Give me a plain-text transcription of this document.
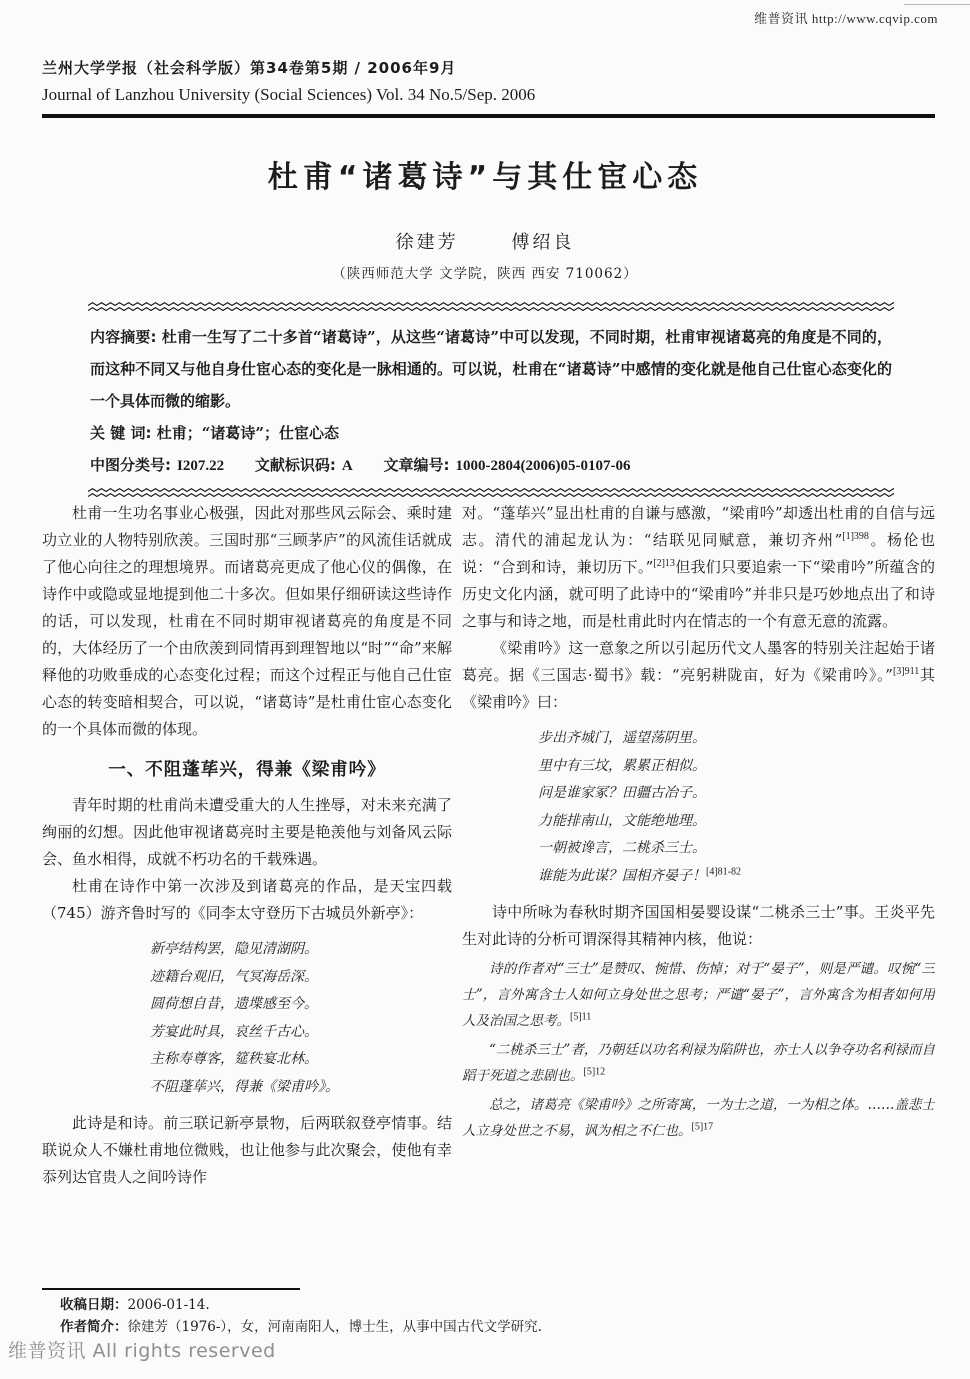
维普资讯 http://www.cqvip.com
兰州大学学报（社会科学版）第34卷第5期 / 2006年9月
Journal of Lanzhou University (Social Sciences) Vol. 34 No.5/Sep. 2006
杜甫“诸葛诗”与其仕宦心态
徐建芳	傅绍良
（陕西师范大学 文学院，陕西 西安 710062）
内容摘要: 杜甫一生写了二十多首“诸葛诗”，从这些“诸葛诗”中可以发现，不同时期，杜甫审视诸葛亮的角度是不同的，而这种不同又与他自身仕宦心态的变化是一脉相通的。可以说，杜甫在“诸葛诗”中感情的变化就是他自己仕宦心态变化的一个具体而微的缩影。
关 键 词: 杜甫；“诸葛诗”；仕宦心态
中图分类号: I207.22 文献标识码: A 文章编号: 1000-2804(2006)05-0107-06
杜甫一生功名事业心极强，因此对那些风云际会、乘时建功立业的人物特别欣羡。三国时那“三顾茅庐”的风流佳话就成了他心向往之的理想境界。而诸葛亮更成了他心仪的偶像，在诗作中或隐或显地提到他二十多次。但如果仔细研读这些诗作的话，可以发现，杜甫在不同时期审视诸葛亮的角度是不同的，大体经历了一个由欣羡到同情再到理智地以“时”“命”来解释他的功败垂成的心态变化过程；而这个过程正与他自己仕宦心态的转变暗相契合，可以说，“诸葛诗”是杜甫仕宦心态变化的一个具体而微的体现。
一、不阻蓬荜兴，得兼《梁甫吟》
青年时期的杜甫尚未遭受重大的人生挫辱，对未来充满了绚丽的幻想。因此他审视诸葛亮时主要是艳羡他与刘备风云际会、鱼水相得，成就不朽功名的千载殊遇。
杜甫在诗作中第一次涉及到诸葛亮的作品，是天宝四载（745）游齐鲁时写的《同李太守登历下古城员外新亭》：
新亭结构罢，隐见清湖阴。
迹籍台观旧，气冥海岳深。
圆荷想自昔，遗堞感至今。
芳宴此时具，哀丝千古心。
主称寿尊客，筵秩宴北林。
不阻蓬荜兴，得兼《梁甫吟》。
此诗是和诗。前三联记新亭景物，后两联叙登亭情事。结联说众人不嫌杜甫地位微贱，也让他参与此次聚会，使他有幸忝列达官贵人之间吟诗作
对。“蓬荜兴”显出杜甫的自谦与感激，“梁甫吟”却透出杜甫的自信与远志。清代的浦起龙认为：“结联见同赋意，兼切齐州”$^{[1]398}$。杨伦也说：“合到和诗，兼切历下。”$^{[2]13}$但我们只要追索一下“梁甫吟”所蕴含的历史文化内涵，就可明了此诗中的“梁甫吟”并非只是巧妙地点出了和诗之事与和诗之地，而是杜甫此时内在情志的一个有意无意的流露。
《梁甫吟》这一意象之所以引起历代文人墨客的特别关注起始于诸葛亮。据《三国志·蜀书》载：“亮躬耕陇亩，好为《梁甫吟》。”$^{[3]911}$其《梁甫吟》曰：
步出齐城门，遥望荡阴里。
里中有三坟，累累正相似。
问是谁家冢？田疆古冶子。
力能排南山，文能绝地理。
一朝被谗言，二桃杀三士。
谁能为此谋？国相齐晏子！$^{[4]81-82}$
诗中所咏为春秋时期齐国国相晏婴设谋“二桃杀三士”事。王炎平先生对此诗的分析可谓深得其精神内核，他说：
诗的作者对“三士”是赞叹、惋惜、伤悼；对于“晏子”，则是严谴。叹惋“三士”，言外寓含士人如何立身处世之思考；严谴“晏子”，言外寓含为相者如何用人及治国之思考。$^{[5]11}$
“二桃杀三士”者，乃朝廷以功名利禄为陷阱也，亦士人以争夺功名利禄而自蹈于死道之悲剧也。$^{[5]12}$
总之，诸葛亮《梁甫吟》之所寄寓，一为士之道，一为相之体。……盖悲士人立身处世之不易，讽为相之不仁也。$^{[5]17}$
收稿日期：2006-01-14.
作者简介：徐建芳（1976-），女，河南南阳人，博士生，从事中国古代文学研究.
维普资讯 All rights reserved
